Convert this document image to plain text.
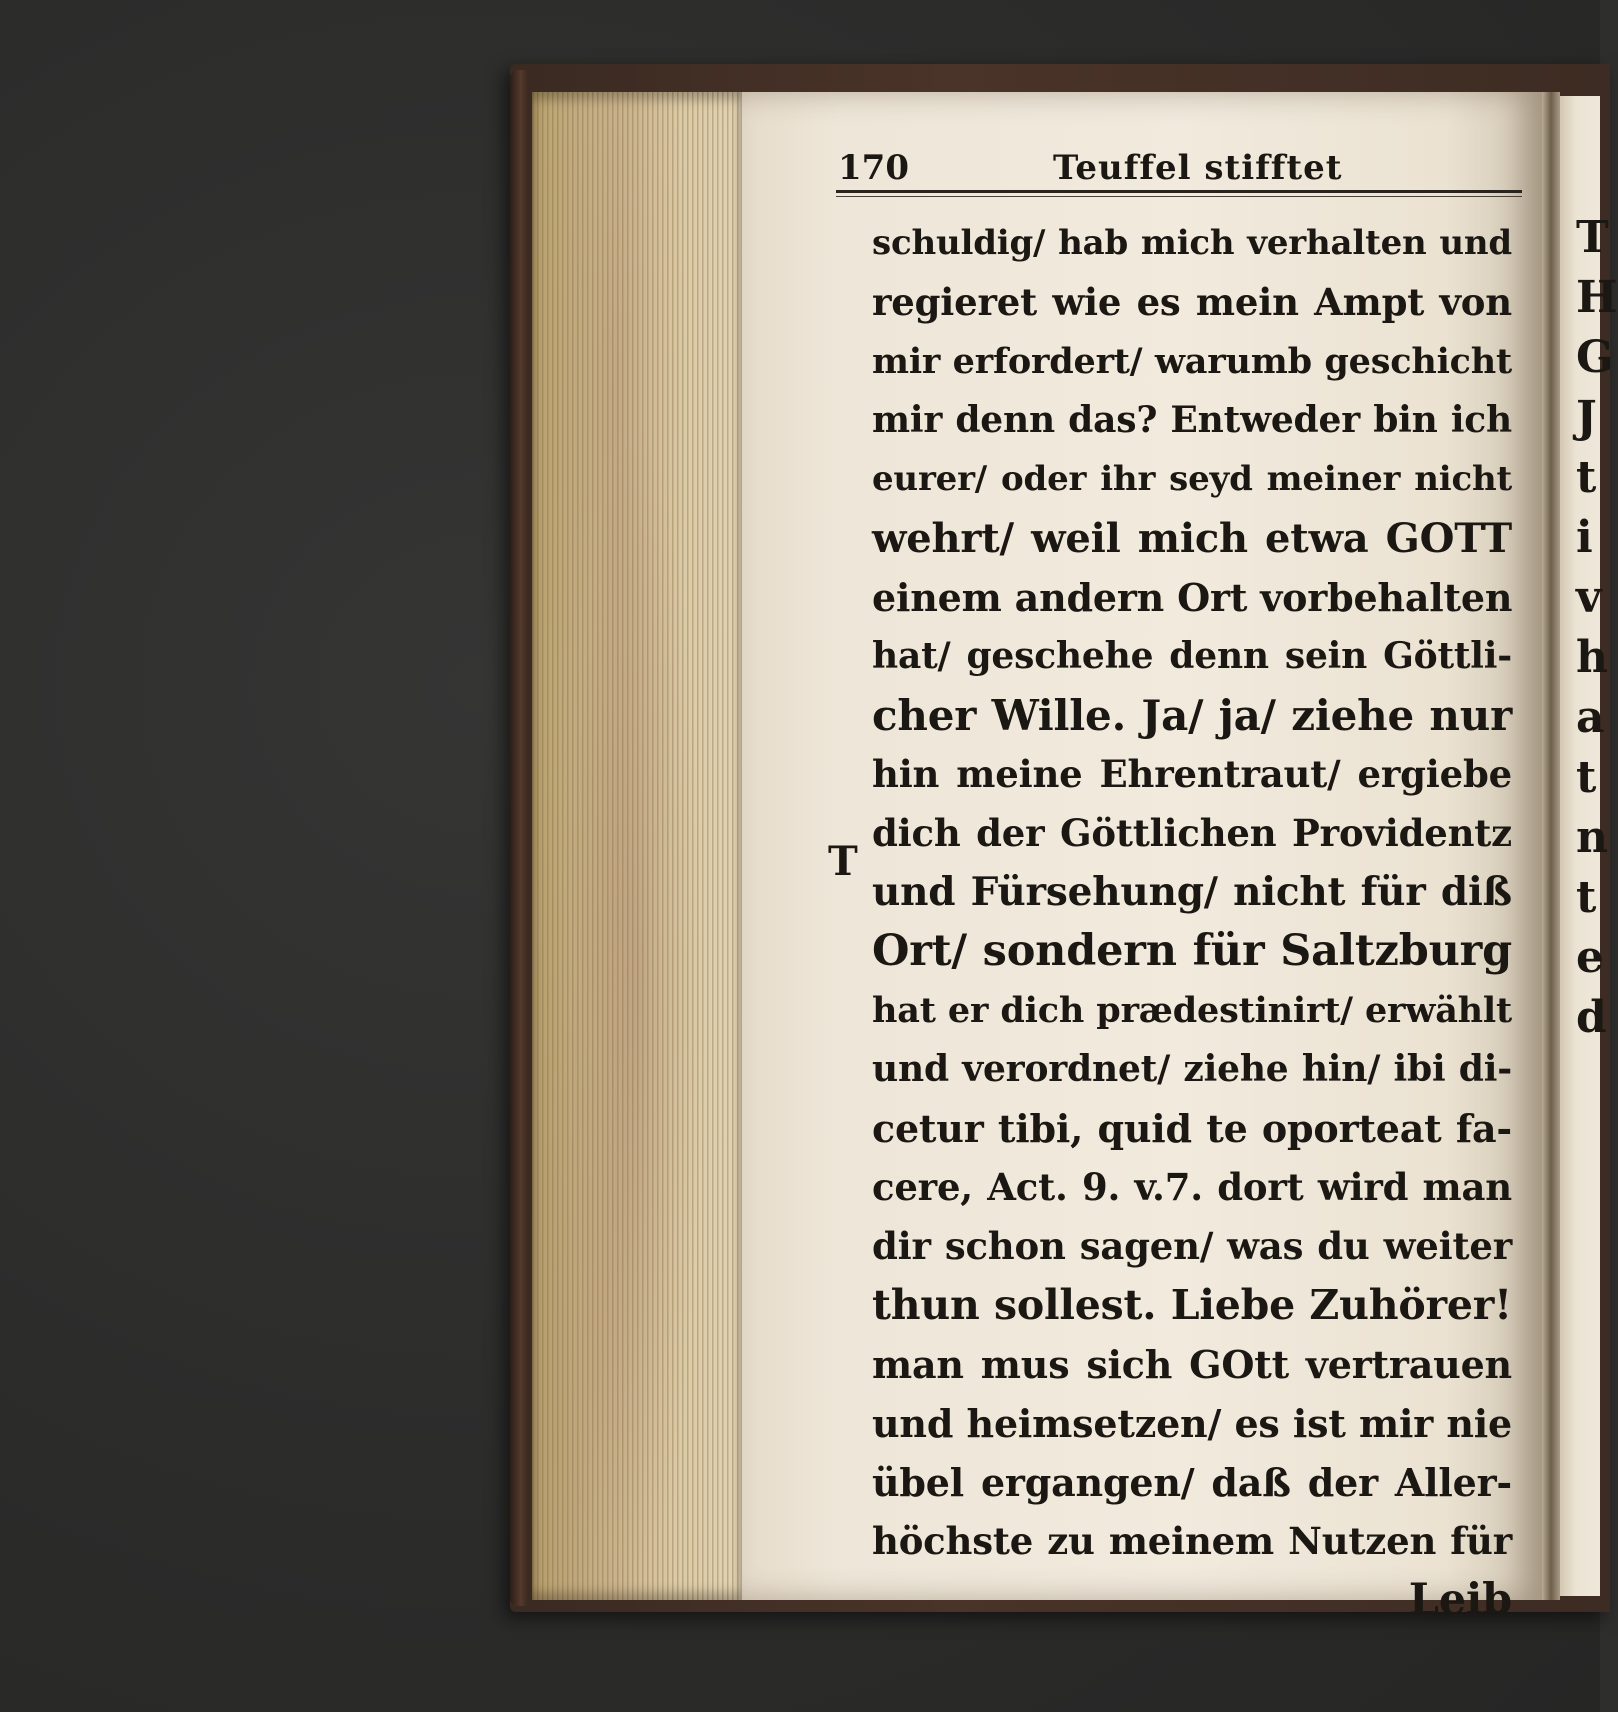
170	Teuffel stifftet
T
schuldig/ hab mich verhalten und
regieret wie es mein Ampt von
mir erfordert/ warumb geschicht
mir denn das? Entweder bin ich
eurer/ oder ihr seyd meiner nicht
wehrt/ weil mich etwa GOTT
einem andern Ort vorbehalten
hat/ geschehe denn sein Göttli-
cher Wille. Ja/ ja/ ziehe nur
hin meine Ehrentraut/ ergiebe
dich der Göttlichen Providentz
und Fürsehung/ nicht für diß
Ort/ sondern für Saltzburg
hat er dich prædestinirt/ erwählt
und verordnet/ ziehe hin/ ibi di-
cetur tibi, quid te oporteat fa-
cere, Act. 9. v.7. dort wird man
dir schon sagen/ was du weiter
thun sollest. Liebe Zuhörer!
man mus sich GOtt vertrauen
und heimsetzen/ es ist mir nie
übel ergangen/ daß der Aller-
höchste zu meinem Nutzen für
Leib
T
H
G
J
t
i
v
h
a
t
n
t
e
d
